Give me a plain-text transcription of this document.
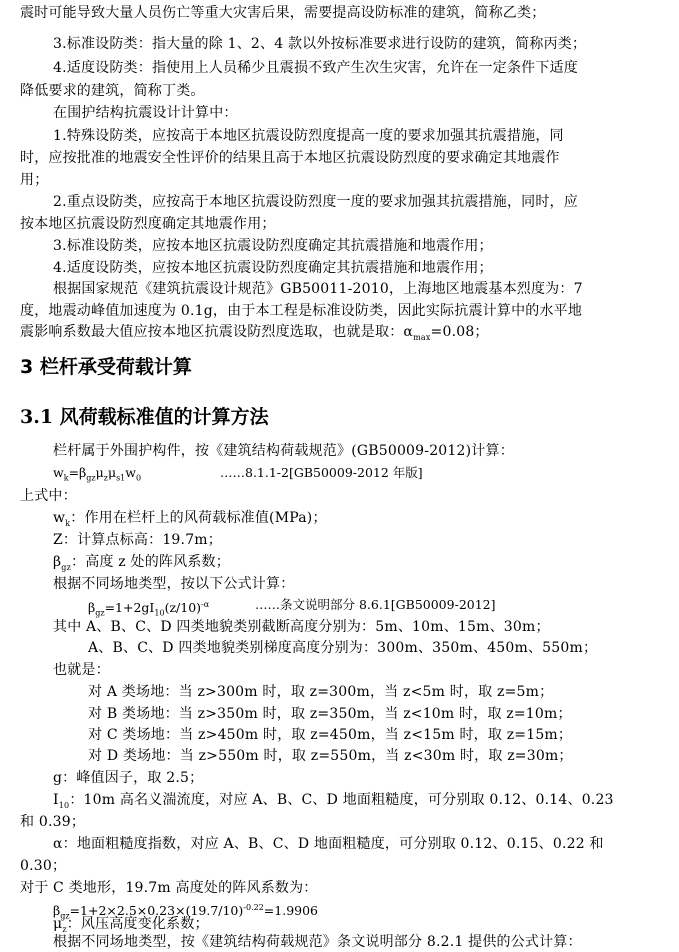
震时可能导致大量人员伤亡等重大灾害后果，需要提高设防标准的建筑，简称乙类；
3.标准设防类：指大量的除 1、2、4 款以外按标准要求进行设防的建筑，简称丙类；
4.适度设防类：指使用上人员稀少且震损不致产生次生灾害，允许在一定条件下适度
降低要求的建筑，简称丁类。
在围护结构抗震设计计算中：
1.特殊设防类，应按高于本地区抗震设防烈度提高一度的要求加强其抗震措施，同
时，应按批准的地震安全性评价的结果且高于本地区抗震设防烈度的要求确定其地震作
用；
2.重点设防类，应按高于本地区抗震设防烈度一度的要求加强其抗震措施，同时，应
按本地区抗震设防烈度确定其地震作用；
3.标准设防类，应按本地区抗震设防烈度确定其抗震措施和地震作用；
4.适度设防类，应按本地区抗震设防烈度确定其抗震措施和地震作用；
根据国家规范《建筑抗震设计规范》GB50011-2010，上海地区地震基本烈度为：7
度，地震动峰值加速度为 0.1g，由于本工程是标准设防类，因此实际抗震计算中的水平地
震影响系数最大值应按本地区抗震设防烈度选取，也就是取：$\alpha_{max}=0.08$；
3 栏杆承受荷载计算
3.1 风荷载标准值的计算方法
栏杆属于外围护构件，按《建筑结构荷载规范》(GB50009-2012)计算：
$w_k=\beta_{gz}\mu_z\mu_{s1}w_0$	……8.1.1-2[GB50009-2012 年版]
上式中：
$w_k$：作用在栏杆上的风荷载标准值(MPa)；
Z：计算点标高：19.7m；
$\beta_{gz}$：高度 z 处的阵风系数；
根据不同场地类型，按以下公式计算：
$\beta_{gz}=1+2gI_{10}(z/10)^{-\alpha}$	……条文说明部分 8.6.1[GB50009-2012]
其中 A、B、C、D 四类地貌类别截断高度分别为：5m、10m、15m、30m；
A、B、C、D 四类地貌类别梯度高度分别为：300m、350m、450m、550m；
也就是：
对 A 类场地：当 z>300m 时，取 z=300m，当 z<5m 时，取 z=5m；
对 B 类场地：当 z>350m 时，取 z=350m，当 z<10m 时，取 z=10m；
对 C 类场地：当 z>450m 时，取 z=450m，当 z<15m 时，取 z=15m；
对 D 类场地：当 z>550m 时，取 z=550m，当 z<30m 时，取 z=30m；
g：峰值因子，取 2.5；
$I_{10}$：10m 高名义湍流度，对应 A、B、C、D 地面粗糙度，可分别取 0.12、0.14、0.23
和 0.39；
α：地面粗糙度指数，对应 A、B、C、D 地面粗糙度，可分别取 0.12、0.15、0.22 和
0.30；
对于 C 类地形，19.7m 高度处的阵风系数为：
$\beta_{gz}=1+2\times 2.5\times 0.23\times(19.7/10)^{-0.22}=1.9906$
$\mu_z$：风压高度变化系数；
根据不同场地类型，按《建筑结构荷载规范》条文说明部分 8.2.1 提供的公式计算：
